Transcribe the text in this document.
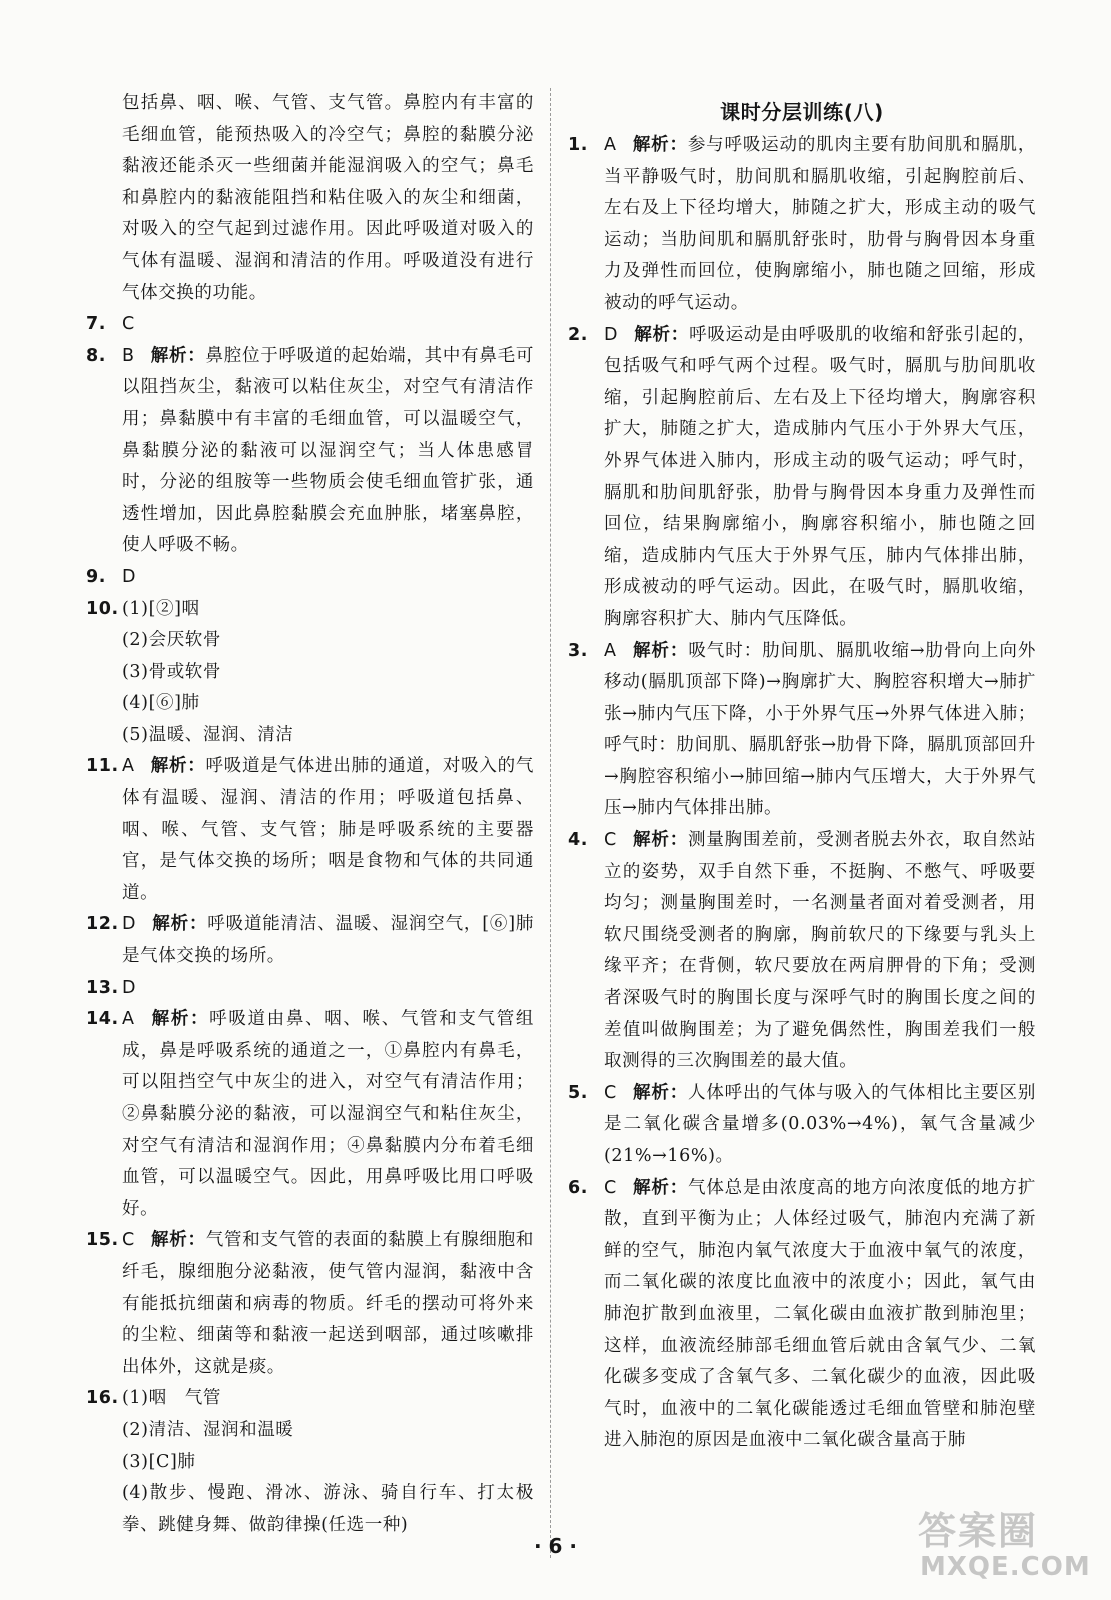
包括鼻、咽、喉、气管、支气管。鼻腔内有丰富的毛细血管，能预热吸入的冷空气；鼻腔的黏膜分泌黏液还能杀灭一些细菌并能湿润吸入的空气；鼻毛和鼻腔内的黏液能阻挡和粘住吸入的灰尘和细菌，对吸入的空气起到过滤作用。因此呼吸道对吸入的气体有温暖、湿润和清洁的作用。呼吸道没有进行气体交换的功能。
7. C
8. B 解析：鼻腔位于呼吸道的起始端，其中有鼻毛可以阻挡灰尘，黏液可以粘住灰尘，对空气有清洁作用；鼻黏膜中有丰富的毛细血管，可以温暖空气，鼻黏膜分泌的黏液可以湿润空气；当人体患感冒时，分泌的组胺等一些物质会使毛细血管扩张，通透性增加，因此鼻腔黏膜会充血肿胀，堵塞鼻腔，使人呼吸不畅。
9. D
10. (1)[②]咽
(2)会厌软骨
(3)骨或软骨
(4)[⑥]肺
(5)温暖、湿润、清洁
11. A 解析：呼吸道是气体进出肺的通道，对吸入的气体有温暖、湿润、清洁的作用；呼吸道包括鼻、咽、喉、气管、支气管；肺是呼吸系统的主要器官，是气体交换的场所；咽是食物和气体的共同通道。
12. D 解析：呼吸道能清洁、温暖、湿润空气，[⑥]肺是气体交换的场所。
13. D
14. A 解析：呼吸道由鼻、咽、喉、气管和支气管组成，鼻是呼吸系统的通道之一，①鼻腔内有鼻毛，可以阻挡空气中灰尘的进入，对空气有清洁作用；②鼻黏膜分泌的黏液，可以湿润空气和粘住灰尘，对空气有清洁和湿润作用；④鼻黏膜内分布着毛细血管，可以温暖空气。因此，用鼻呼吸比用口呼吸好。
15. C 解析：气管和支气管的表面的黏膜上有腺细胞和纤毛，腺细胞分泌黏液，使气管内湿润，黏液中含有能抵抗细菌和病毒的物质。纤毛的摆动可将外来的尘粒、细菌等和黏液一起送到咽部，通过咳嗽排出体外，这就是痰。
16. (1)咽　气管
(2)清洁、湿润和温暖
(3)[C]肺
(4)散步、慢跑、滑冰、游泳、骑自行车、打太极拳、跳健身舞、做韵律操(任选一种)
课时分层训练(八)
1. A 解析：参与呼吸运动的肌肉主要有肋间肌和膈肌，当平静吸气时，肋间肌和膈肌收缩，引起胸腔前后、左右及上下径均增大，肺随之扩大，形成主动的吸气运动；当肋间肌和膈肌舒张时，肋骨与胸骨因本身重力及弹性而回位，使胸廓缩小，肺也随之回缩，形成被动的呼气运动。
2. D 解析：呼吸运动是由呼吸肌的收缩和舒张引起的，包括吸气和呼气两个过程。吸气时，膈肌与肋间肌收缩，引起胸腔前后、左右及上下径均增大，胸廓容积扩大，肺随之扩大，造成肺内气压小于外界大气压，外界气体进入肺内，形成主动的吸气运动；呼气时，膈肌和肋间肌舒张，肋骨与胸骨因本身重力及弹性而回位，结果胸廓缩小，胸廓容积缩小，肺也随之回缩，造成肺内气压大于外界气压，肺内气体排出肺，形成被动的呼气运动。因此，在吸气时，膈肌收缩，胸廓容积扩大、肺内气压降低。
3. A 解析：吸气时：肋间肌、膈肌收缩→肋骨向上向外移动(膈肌顶部下降)→胸廓扩大、胸腔容积增大→肺扩张→肺内气压下降，小于外界气压→外界气体进入肺；呼气时：肋间肌、膈肌舒张→肋骨下降，膈肌顶部回升→胸腔容积缩小→肺回缩→肺内气压增大，大于外界气压→肺内气体排出肺。
4. C 解析：测量胸围差前，受测者脱去外衣，取自然站立的姿势，双手自然下垂，不挺胸、不憋气、呼吸要均匀；测量胸围差时，一名测量者面对着受测者，用软尺围绕受测者的胸廓，胸前软尺的下缘要与乳头上缘平齐；在背侧，软尺要放在两肩胛骨的下角；受测者深吸气时的胸围长度与深呼气时的胸围长度之间的差值叫做胸围差；为了避免偶然性，胸围差我们一般取测得的三次胸围差的最大值。
5. C 解析：人体呼出的气体与吸入的气体相比主要区别是二氧化碳含量增多(0.03%→4%)，氧气含量减少(21%→16%)。
6. C 解析：气体总是由浓度高的地方向浓度低的地方扩散，直到平衡为止；人体经过吸气，肺泡内充满了新鲜的空气，肺泡内氧气浓度大于血液中氧气的浓度，而二氧化碳的浓度比血液中的浓度小；因此，氧气由肺泡扩散到血液里，二氧化碳由血液扩散到肺泡里；这样，血液流经肺部毛细血管后就由含氧气少、二氧化碳多变成了含氧气多、二氧化碳少的血液，因此吸气时，血液中的二氧化碳能透过毛细血管壁和肺泡壁进入肺泡的原因是血液中二氧化碳含量高于肺
· 6 ·	答案圈
MXQE.COM
